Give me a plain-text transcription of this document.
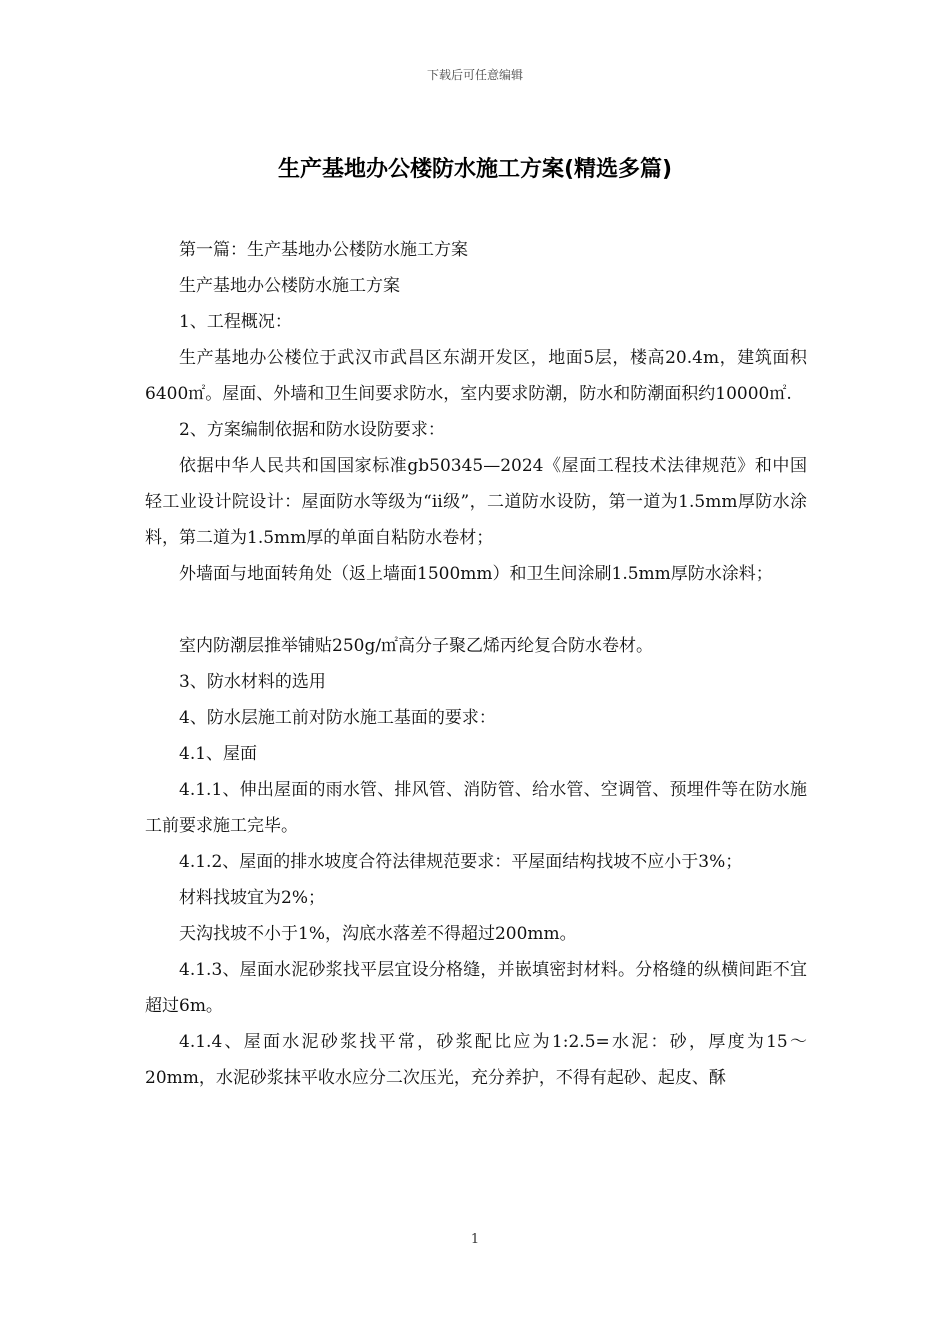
下载后可任意编辑
生产基地办公楼防水施工方案(精选多篇)

第一篇：生产基地办公楼防水施工方案

生产基地办公楼防水施工方案

1、工程概况：

生产基地办公楼位于武汉市武昌区东湖开发区，地面5层，楼高20.4m，建筑面积6400㎡。屋面、外墙和卫生间要求防水，室内要求防潮，防水和防潮面积约10000㎡.

2、方案编制依据和防水设防要求：

依据中华人民共和国国家标准gb50345—2024《屋面工程技术法律规范》和中国轻工业设计院设计：屋面防水等级为“ii级”，二道防水设防，第一道为1.5mm厚防水涂料，第二道为1.5mm厚的单面自粘防水卷材；

外墙面与地面转角处（返上墙面1500mm）和卫生间涂刷1.5mm厚防水涂料；

室内防潮层推举铺贴250g/㎡高分子聚乙烯丙纶复合防水卷材。

3、防水材料的选用

4、防水层施工前对防水施工基面的要求：

4.1、屋面

4.1.1、伸出屋面的雨水管、排风管、消防管、给水管、空调管、预埋件等在防水施工前要求施工完毕。

4.1.2、屋面的排水坡度合符法律规范要求：平屋面结构找坡不应小于3%；

材料找坡宜为2%；

天沟找坡不小于1%，沟底水落差不得超过200mm。

4.1.3、屋面水泥砂浆找平层宜设分格缝，并嵌填密封材料。分格缝的纵横间距不宜超过6m。

4.1.4、屋面水泥砂浆找平常，砂浆配比应为1:2.5=水泥：砂，厚度为15～20mm，水泥砂浆抹平收水应分二次压光，充分养护，不得有起砂、起皮、酥

1
